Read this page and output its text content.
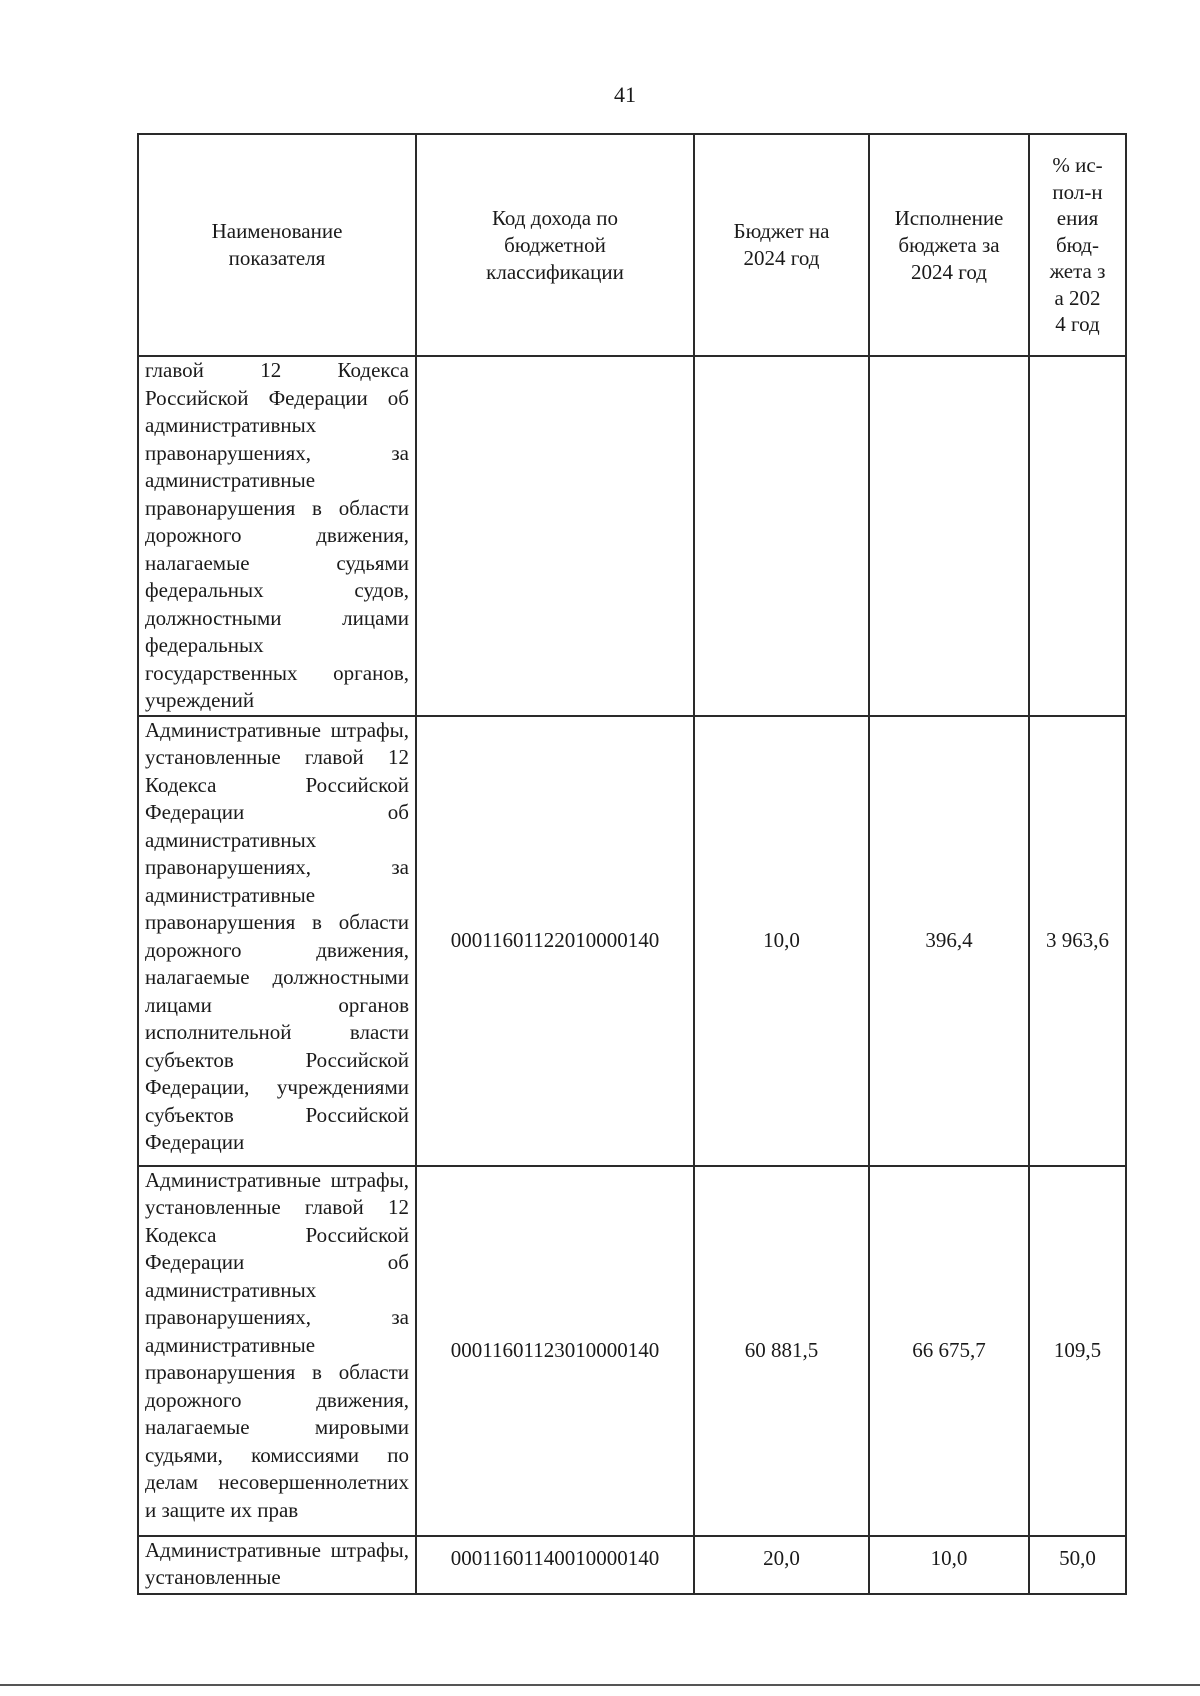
41
Наименование показателя	Код дохода по бюджетной классификации	Бюджет на 2024 год	Исполнение бюджета за 2024 год	% ис-пол-нения бюд-жета за 2024 год
главой 12 Кодекса Российской Федерации об административных правонарушениях, за административные правонарушения в области дорожного движения, налагаемые судьями федеральных судов, должностными лицами федеральных государственных органов, учреждений				
Административные штрафы, установленные главой 12 Кодекса Российской Федерации об административных правонарушениях, за административные правонарушения в области дорожного движения, налагаемые должностными лицами органов исполнительной власти субъектов Российской Федерации, учреждениями субъектов Российской Федерации	00011601122010000140	10,0	396,4	3 963,6
Административные штрафы, установленные главой 12 Кодекса Российской Федерации об административных правонарушениях, за административные правонарушения в области дорожного движения, налагаемые мировыми судьями, комиссиями по делам несовершеннолетних и защите их прав	00011601123010000140	60 881,5	66 675,7	109,5
Административные штрафы, установленные	00011601140010000140	20,0	10,0	50,0
